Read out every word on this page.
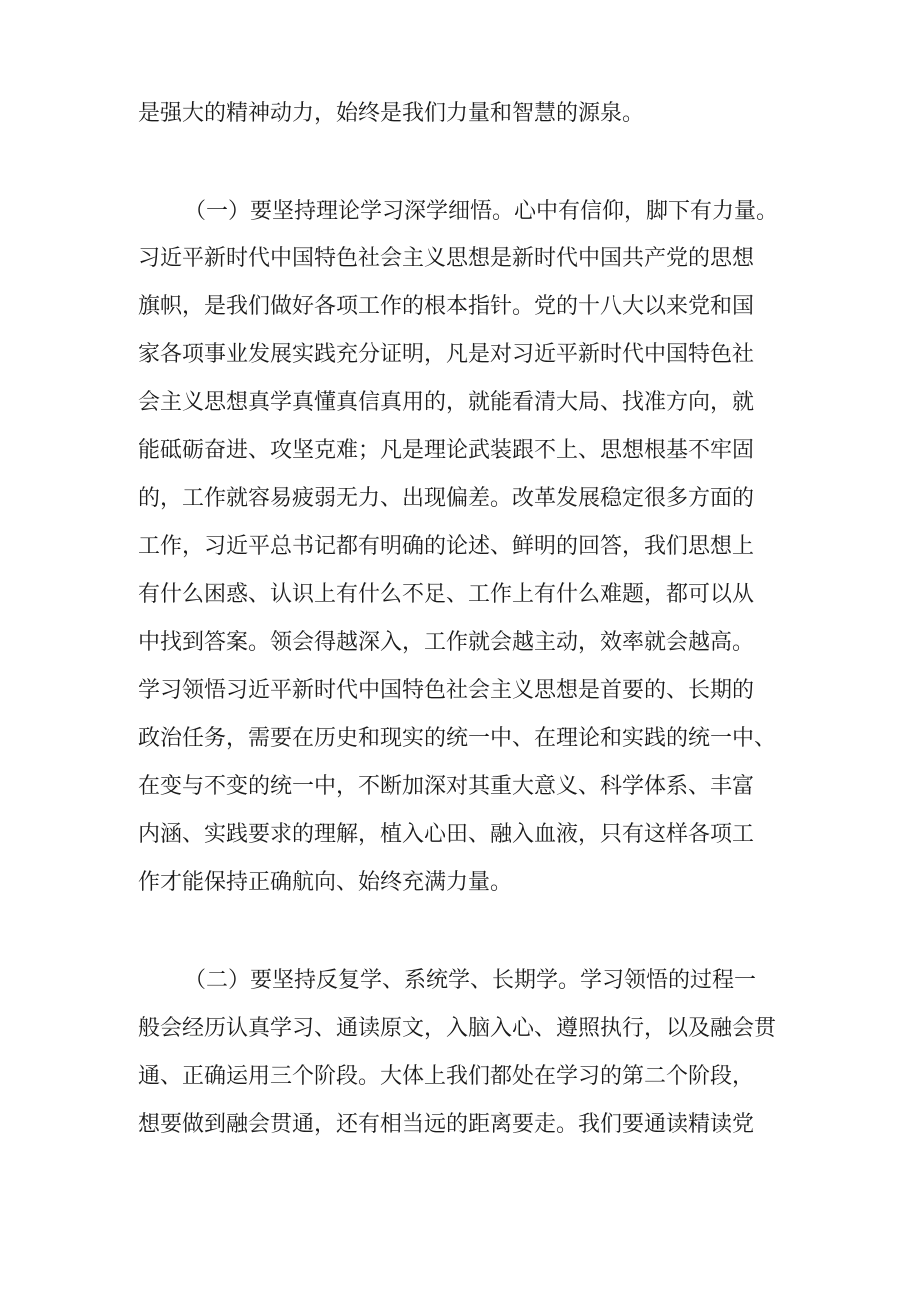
是强大的精神动力，始终是我们力量和智慧的源泉。
（一）要坚持理论学习深学细悟。心中有信仰，脚下有力量。
习近平新时代中国特色社会主义思想是新时代中国共产党的思想
旗帜，是我们做好各项工作的根本指针。党的十八大以来党和国
家各项事业发展实践充分证明，凡是对习近平新时代中国特色社
会主义思想真学真懂真信真用的，就能看清大局、找准方向，就
能砥砺奋进、攻坚克难；凡是理论武装跟不上、思想根基不牢固
的，工作就容易疲弱无力、出现偏差。改革发展稳定很多方面的
工作，习近平总书记都有明确的论述、鲜明的回答，我们思想上
有什么困惑、认识上有什么不足、工作上有什么难题，都可以从
中找到答案。领会得越深入，工作就会越主动，效率就会越高。
学习领悟习近平新时代中国特色社会主义思想是首要的、长期的
政治任务，需要在历史和现实的统一中、在理论和实践的统一中、
在变与不变的统一中，不断加深对其重大意义、科学体系、丰富
内涵、实践要求的理解，植入心田、融入血液，只有这样各项工
作才能保持正确航向、始终充满力量。
（二）要坚持反复学、系统学、长期学。学习领悟的过程一
般会经历认真学习、通读原文，入脑入心、遵照执行，以及融会贯
通、正确运用三个阶段。大体上我们都处在学习的第二个阶段，
想要做到融会贯通，还有相当远的距离要走。我们要通读精读党
